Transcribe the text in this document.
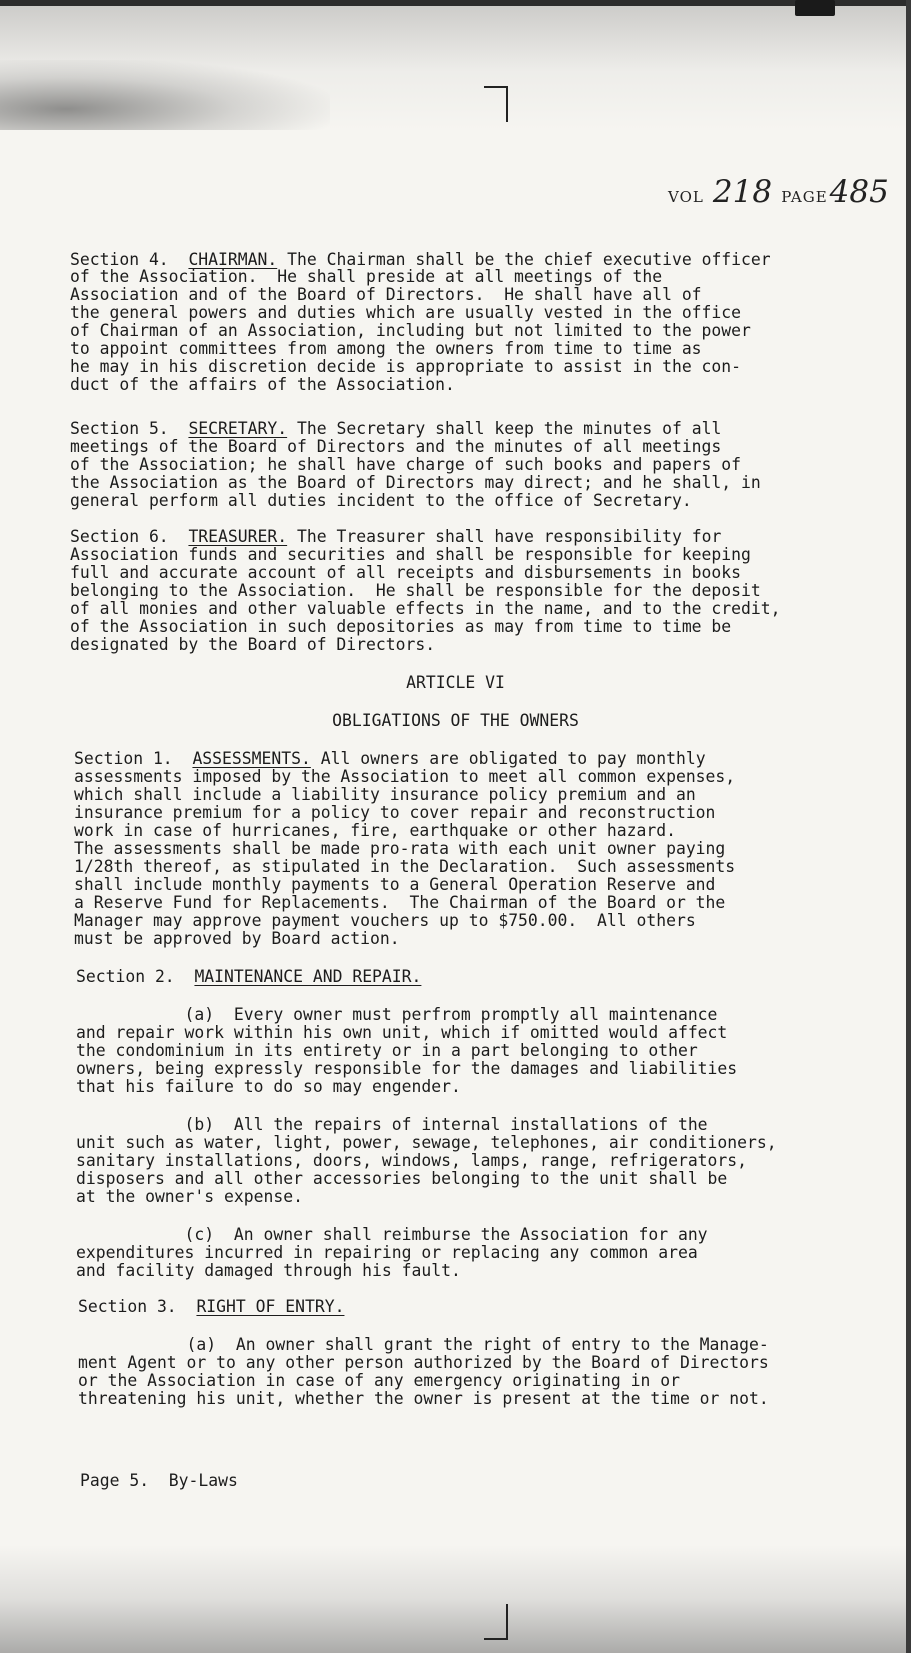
VOL 218 PAGE485
Section 4. CHAIRMAN. The Chairman shall be the chief executive officer
of the Association.  He shall preside at all meetings of the
Association and of the Board of Directors.  He shall have all of
the general powers and duties which are usually vested in the office
of Chairman of an Association, including but not limited to the power
to appoint committees from among the owners from time to time as
he may in his discretion decide is appropriate to assist in the con-
duct of the affairs of the Association.
Section 5. SECRETARY. The Secretary shall keep the minutes of all
meetings of the Board of Directors and the minutes of all meetings
of the Association; he shall have charge of such books and papers of
the Association as the Board of Directors may direct; and he shall, in
general perform all duties incident to the office of Secretary.
Section 6. TREASURER. The Treasurer shall have responsibility for
Association funds and securities and shall be responsible for keeping
full and accurate account of all receipts and disbursements in books
belonging to the Association.  He shall be responsible for the deposit
of all monies and other valuable effects in the name, and to the credit,
of the Association in such depositories as may from time to time be
designated by the Board of Directors.
ARTICLE VI
OBLIGATIONS OF THE OWNERS
Section 1. ASSESSMENTS. All owners are obligated to pay monthly
assessments imposed by the Association to meet all common expenses,
which shall include a liability insurance policy premium and an
insurance premium for a policy to cover repair and reconstruction
work in case of hurricanes, fire, earthquake or other hazard.
The assessments shall be made pro-rata with each unit owner paying
1/28th thereof, as stipulated in the Declaration.  Such assessments
shall include monthly payments to a General Operation Reserve and
a Reserve Fund for Replacements.  The Chairman of the Board or the
Manager may approve payment vouchers up to $750.00.  All others
must be approved by Board action.
Section 2. MAINTENANCE AND REPAIR.
(a)  Every owner must perfrom promptly all maintenance
and repair work within his own unit, which if omitted would affect
the condominium in its entirety or in a part belonging to other
owners, being expressly responsible for the damages and liabilities
that his failure to do so may engender.
(b)  All the repairs of internal installations of the
unit such as water, light, power, sewage, telephones, air conditioners,
sanitary installations, doors, windows, lamps, range, refrigerators,
disposers and all other accessories belonging to the unit shall be
at the owner's expense.
(c)  An owner shall reimburse the Association for any
expenditures incurred in repairing or replacing any common area
and facility damaged through his fault.
Section 3. RIGHT OF ENTRY.
(a)  An owner shall grant the right of entry to the Manage-
ment Agent or to any other person authorized by the Board of Directors
or the Association in case of any emergency originating in or
threatening his unit, whether the owner is present at the time or not.
Page 5.  By-Laws
